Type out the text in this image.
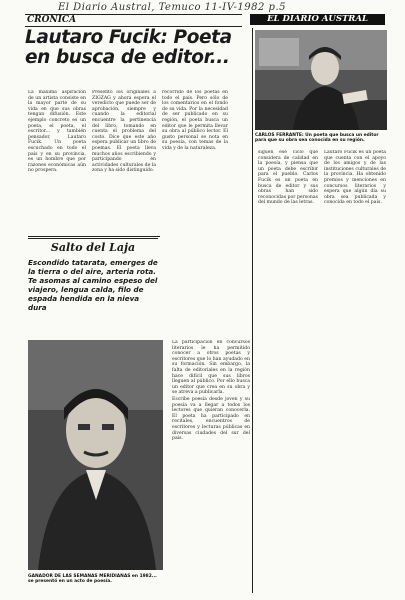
El Diario Austral, Temuco 11-IV-1982 p.5
CRONICA	EL DIARIO AUSTRAL
Lautaro Fucik: Poeta en busca de editor...
CARLOS FERRANTE: Un poeta que busca un editor para que su obra sea conocida en su región.

La máxima aspiración de un artista consiste en la mayor parte de su vida en que sus obras tengan difusión. Este ejemplo concreto es un poeta, el poeta, el escritor... y también pensador, Lautaro Fucik. Un poeta escuchado en todo el país y en su provincia, es un hombre que por razones económicas aún no prospera.

Presentó los originales a ZIGZAG y ahora espera el veredicto que puede ser de aprobación, siempre y cuando la editorial encuentre la pertinencia del libro, tomando en cuenta el problema del costo. Dice que este año espera publicar un libro de poemas. El poeta lleva muchos años escribiendo y participando en actividades culturales de la zona y ha sido distinguido.

recorrido de los poetas en todo el país. Pero sólo de los comentarios en el fondo de su vida. Por la necesidad de ser publicado en su región, el poeta busca un editor que le permita llevar su obra al público lector. El gusto personal se nota en su poesía, con temas de la vida y de la naturaleza.

siguen ese ciclo que considera de calidad en la poesía, y piensa que un poeta debe escribir para el pueblo. Carlos Fucik es un poeta en busca de editor y sus obras han sido reconocidas por personas del mundo de las letras.

Lautaro Fucik es un poeta que cuenta con el apoyo de los amigos y de las instituciones culturales de la provincia. Ha obtenido premios y menciones en concursos literarios y espera que algún día su obra sea publicada y conocida en todo el país.

Salto del Laja
Escondido tatarata, emerges de la tierra o del aire, arteria rota. Te asomas al camino espeso del viajero, lengua calda, filo de espada hendida en la nieva dura
GANADOR DE LAS SEMANAS MERIDIANAS en 1982... se presentó en un acto de poesía.

La participación en concursos literarios le ha permitido conocer a otros poetas y escritores que lo han ayudado en su formación. Sin embargo, la falta de editoriales en la región hace difícil que sus libros lleguen al público. Por ello busca un editor que crea en su obra y se atreva a publicarla.

Escribe poesía desde joven y su poesía va a llegar a todos los lectores que quieran conocerla. El poeta ha participado en recitales, encuentros de escritores y lecturas públicas en diversas ciudades del sur del país.
